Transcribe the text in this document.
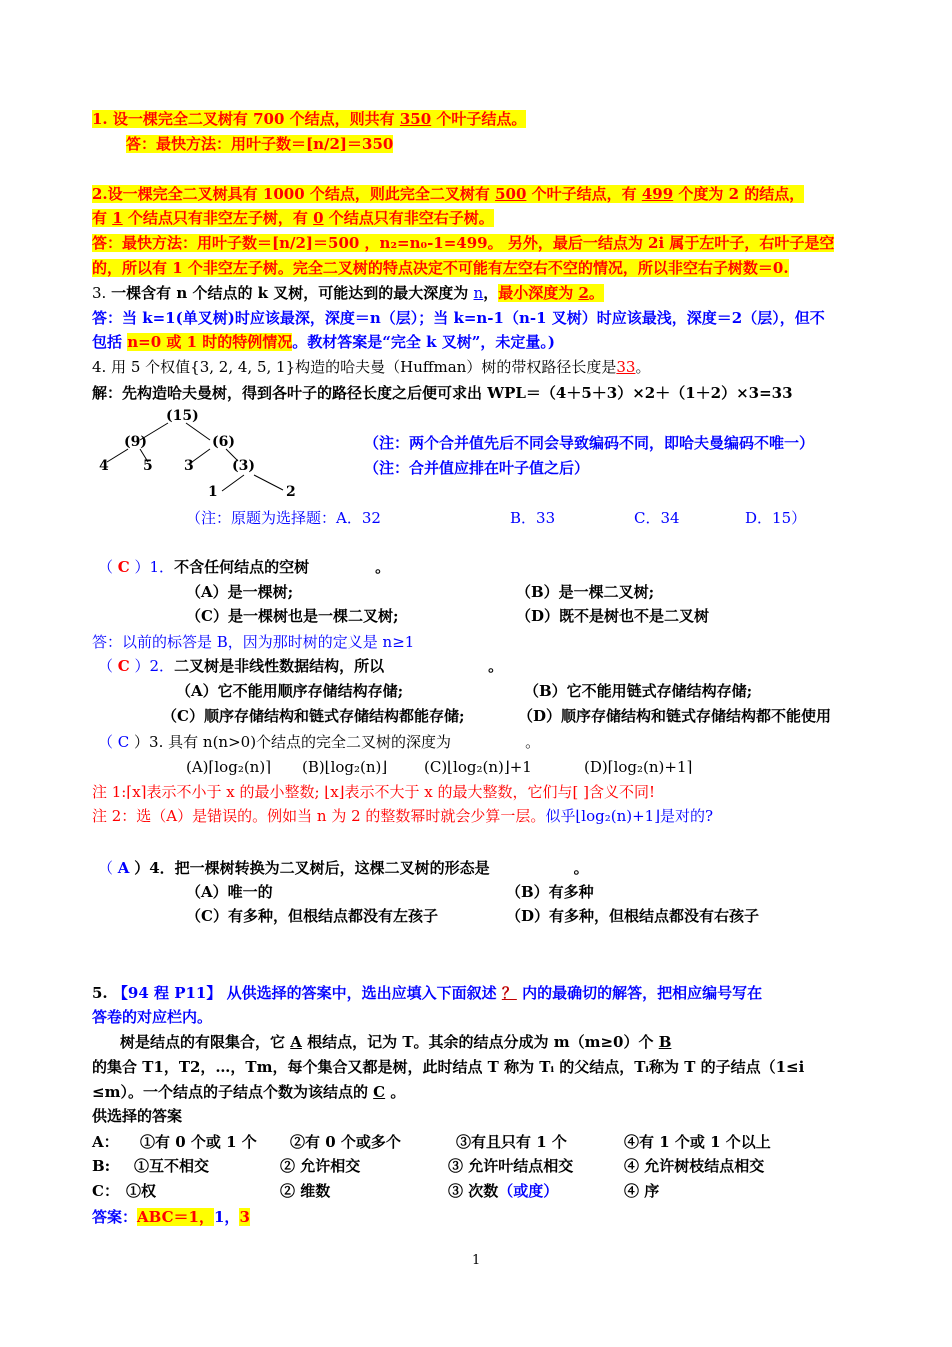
1. 设一棵完全二叉树有 700 个结点，则共有 350 个叶子结点。
答：最快方法：用叶子数＝[n/2]＝350
2.设一棵完全二叉树具有 1000 个结点，则此完全二叉树有 500 个叶子结点，有 499 个度为 2 的结点，
有 1 个结点只有非空左子树，有 0 个结点只有非空右子树。
答：最快方法：用叶子数＝[n/2]＝500 ，n₂=n₀-1=499。 另外，最后一结点为 2i 属于左叶子，右叶子是空
的，所以有 1 个非空左子树。完全二叉树的特点决定不可能有左空右不空的情况，所以非空右子树数＝0.
3. 一棵含有 n 个结点的 k 叉树，可能达到的最大深度为 n，最小深度为 2。
答：当 k=1(单叉树)时应该最深，深度＝n（层）；当 k=n-1（n-1 叉树）时应该最浅，深度＝2（层），但不
包括 n=0 或 1 时的特例情况。教材答案是“完全 k 叉树”，未定量。)
4. 用 5 个权值{3, 2, 4, 5, 1}构造的哈夫曼（Huffman）树的带权路径长度是33。
解：先构造哈夫曼树，得到各叶子的路径长度之后便可求出 WPL＝（4＋5＋3）×2＋（1＋2）×3=33
(15)
(9)	(6)
4 5 3	(3)
1	2
（注：两个合并值先后不同会导致编码不同，即哈夫曼编码不唯一）
（注：合并值应排在叶子值之后）
（注：原题为选择题：A．32	B．33	C．34	D．15）
（ C ）1．不含任何结点的空树	。
（A）是一棵树;	（B）是一棵二叉树;
（C）是一棵树也是一棵二叉树;	（D）既不是树也不是二叉树
答：以前的标答是 B，因为那时树的定义是 n≥1
（ C ）2．二叉树是非线性数据结构，所以	。
（A）它不能用顺序存储结构存储;	（B）它不能用链式存储结构存储;
（C）顺序存储结构和链式存储结构都能存储;	（D）顺序存储结构和链式存储结构都不能使用
（ C ）3. 具有 n(n>0)个结点的完全二叉树的深度为	。
(A)⌈log₂(n)⌉ (B)⌊log₂(n)⌋ (C)⌊log₂(n)⌋+1	(D)⌈log₂(n)+1⌉
注 1:⌈x⌉表示不小于 x 的最小整数; ⌊x⌋表示不大于 x 的最大整数，它们与[ ]含义不同!
注 2：选（A）是错误的。例如当 n 为 2 的整数幂时就会少算一层。似乎⌊log₂(n)+1⌋是对的?
（ A ）4．把一棵树转换为二叉树后，这棵二叉树的形态是	。
（A）唯一的	（B）有多种
（C）有多种，但根结点都没有左孩子	（D）有多种，但根结点都没有右孩子
5. 【94 程 P11】 从供选择的答案中，选出应填入下面叙述 ？ 内的最确切的解答，把相应编号写在
答卷的对应栏内。
树是结点的有限集合，它 A 根结点，记为 T。其余的结点分成为 m（m≥0）个 B
的集合 T1，T2，…，Tm，每个集合又都是树，此时结点 T 称为 Tᵢ 的父结点，Tᵢ称为 T 的子结点（1≤i
≤m）。一个结点的子结点个数为该结点的 C 。
供选择的答案
A： ①有 0 个或 1 个 ②有 0 个或多个	③有且只有 1 个	④有 1 个或 1 个以上
B: ①互不相交	② 允许相交	③ 允许叶结点相交	④ 允许树枝结点相交
C： ①权	② 维数	③ 次数（或度）	④ 序
答案：ABC＝1，1，3
1
